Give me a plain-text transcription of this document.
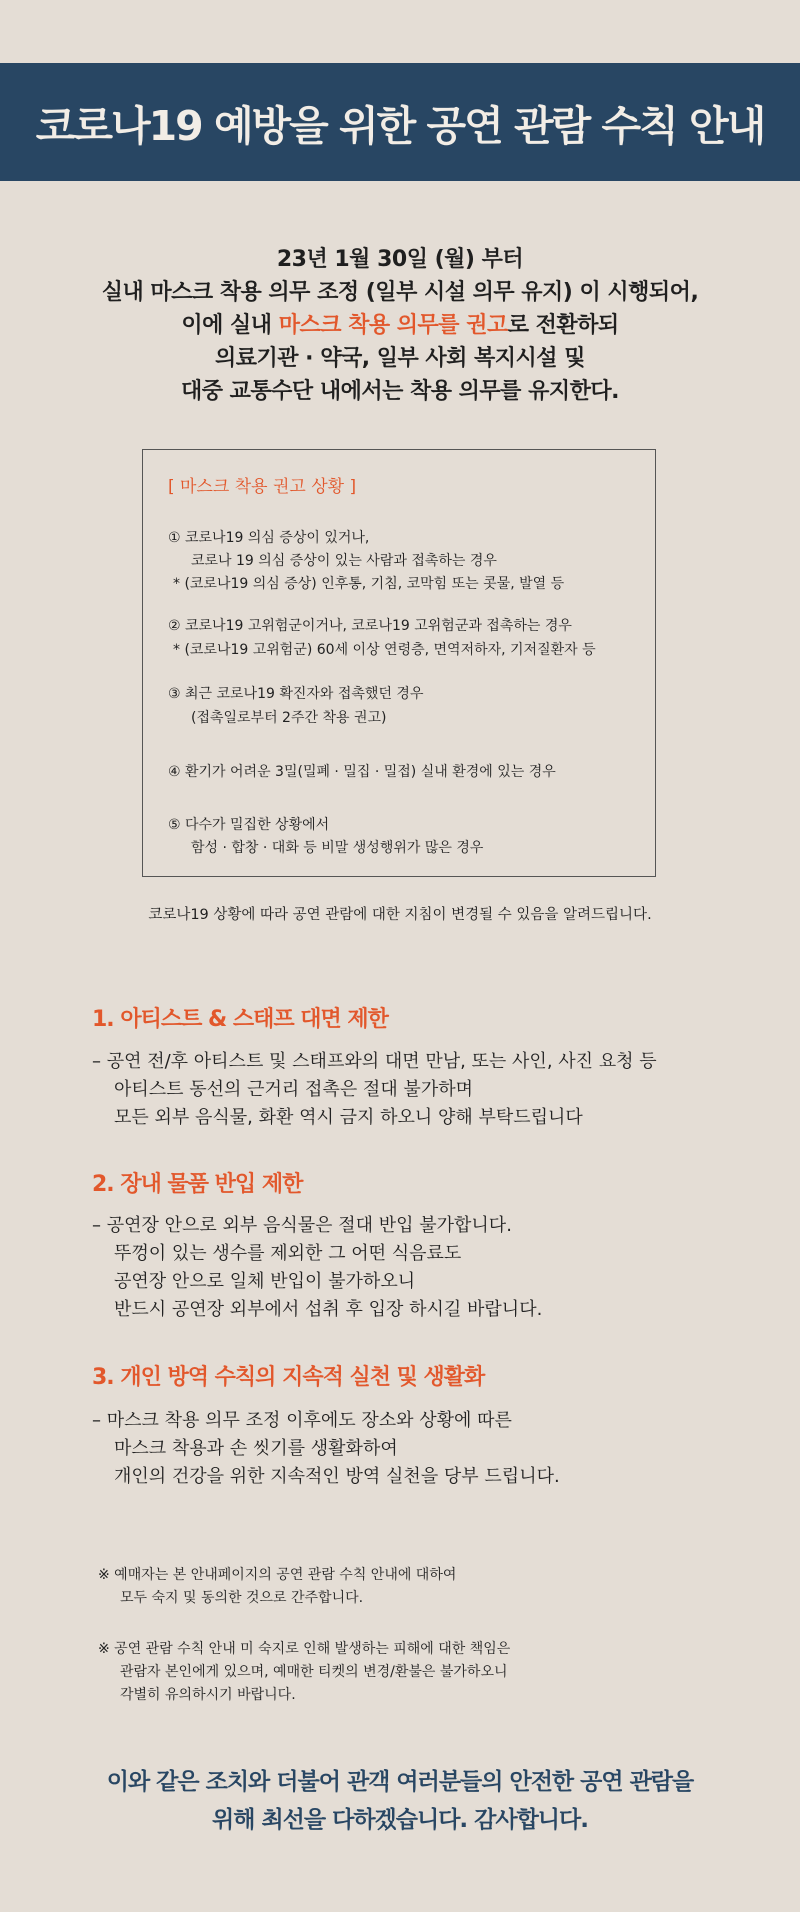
코로나19 예방을 위한 공연 관람 수칙 안내
23년 1월 30일 (월) 부터
실내 마스크 착용 의무 조정 (일부 시설 의무 유지) 이 시행되어,
이에 실내 마스크 착용 의무를 권고로 전환하되
의료기관 · 약국, 일부 사회 복지시설 및
대중 교통수단 내에서는 착용 의무를 유지한다.
[ 마스크 착용 권고 상황 ]
① 코로나19 의심 증상이 있거나,
코로나 19 의심 증상이 있는 사람과 접촉하는 경우
* (코로나19 의심 증상) 인후통, 기침, 코막힘 또는 콧물, 발열 등
② 코로나19 고위험군이거나, 코로나19 고위험군과 접촉하는 경우
* (코로나19 고위험군) 60세 이상 연령층, 면역저하자, 기저질환자 등
③ 최근 코로나19 확진자와 접촉했던 경우
(접촉일로부터 2주간 착용 권고)
④ 환기가 어려운 3밀(밀폐 · 밀집 · 밀접) 실내 환경에 있는 경우
⑤ 다수가 밀집한 상황에서
함성 · 합창 · 대화 등 비말 생성행위가 많은 경우
코로나19 상황에 따라 공연 관람에 대한 지침이 변경될 수 있음을 알려드립니다.
1. 아티스트 & 스태프 대면 제한
– 공연 전/후 아티스트 및 스태프와의 대면 만남, 또는 사인, 사진 요청 등
아티스트 동선의 근거리 접촉은 절대 불가하며
모든 외부 음식물, 화환 역시 금지 하오니 양해 부탁드립니다
2. 장내 물품 반입 제한
– 공연장 안으로 외부 음식물은 절대 반입 불가합니다.
뚜껑이 있는 생수를 제외한 그 어떤 식음료도
공연장 안으로 일체 반입이 불가하오니
반드시 공연장 외부에서 섭취 후 입장 하시길 바랍니다.
3. 개인 방역 수칙의 지속적 실천 및 생활화
– 마스크 착용 의무 조정 이후에도 장소와 상황에 따른
마스크 착용과 손 씻기를 생활화하여
개인의 건강을 위한 지속적인 방역 실천을 당부 드립니다.
※ 예매자는 본 안내페이지의 공연 관람 수칙 안내에 대하여
모두 숙지 및 동의한 것으로 간주합니다.
※ 공연 관람 수칙 안내 미 숙지로 인해 발생하는 피해에 대한 책임은
관람자 본인에게 있으며, 예매한 티켓의 변경/환불은 불가하오니
각별히 유의하시기 바랍니다.
이와 같은 조치와 더불어 관객 여러분들의 안전한 공연 관람을
위해 최선을 다하겠습니다. 감사합니다.
